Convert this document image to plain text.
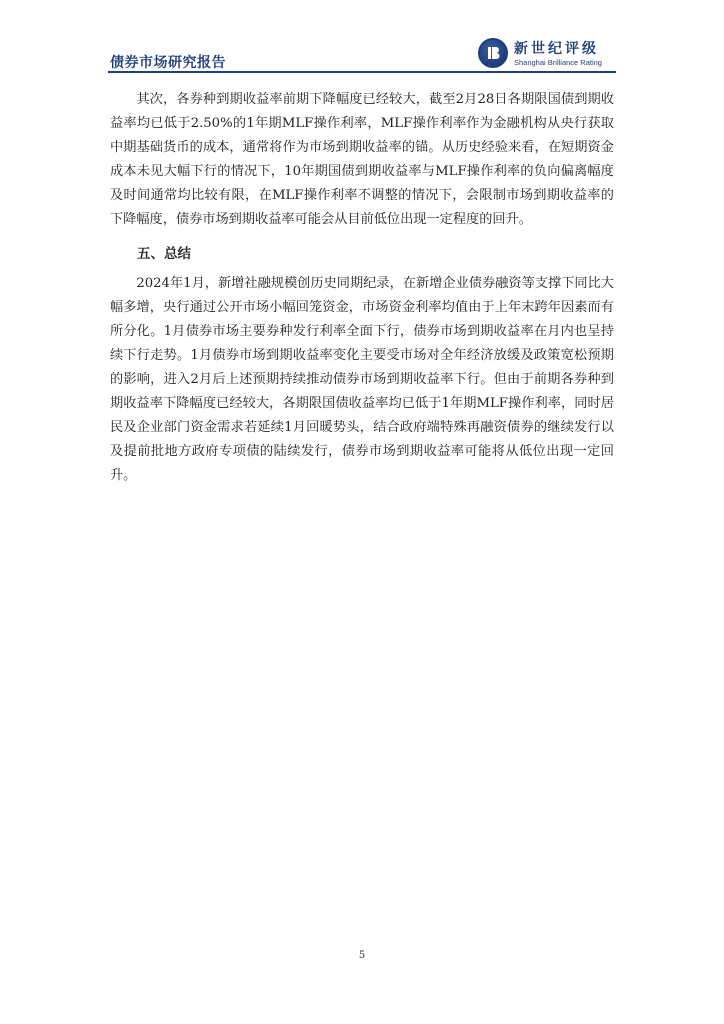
债券市场研究报告
新世纪评级
Shanghai Brilliance Rating

其次，各券种到期收益率前期下降幅度已经较大，截至2月28日各期限国债到期收益率均已低于2.50%的1年期MLF操作利率，MLF操作利率作为金融机构从央行获取中期基础货币的成本，通常将作为市场到期收益率的锚。从历史经验来看，在短期资金成本未见大幅下行的情况下，10年期国债到期收益率与MLF操作利率的负向偏离幅度及时间通常均比较有限，在MLF操作利率不调整的情况下，会限制市场到期收益率的下降幅度，债券市场到期收益率可能会从目前低位出现一定程度的回升。

五、总结

2024年1月，新增社融规模创历史同期纪录，在新增企业债券融资等支撑下同比大幅多增，央行通过公开市场小幅回笼资金，市场资金利率均值由于上年末跨年因素而有所分化。1月债券市场主要券种发行利率全面下行，债券市场到期收益率在月内也呈持续下行走势。1月债券市场到期收益率变化主要受市场对全年经济放缓及政策宽松预期的影响，进入2月后上述预期持续推动债券市场到期收益率下行。但由于前期各券种到期收益率下降幅度已经较大，各期限国债收益率均已低于1年期MLF操作利率，同时居民及企业部门资金需求若延续1月回暖势头，结合政府端特殊再融资债券的继续发行以及提前批地方政府专项债的陆续发行，债券市场到期收益率可能将从低位出现一定回升。

5
